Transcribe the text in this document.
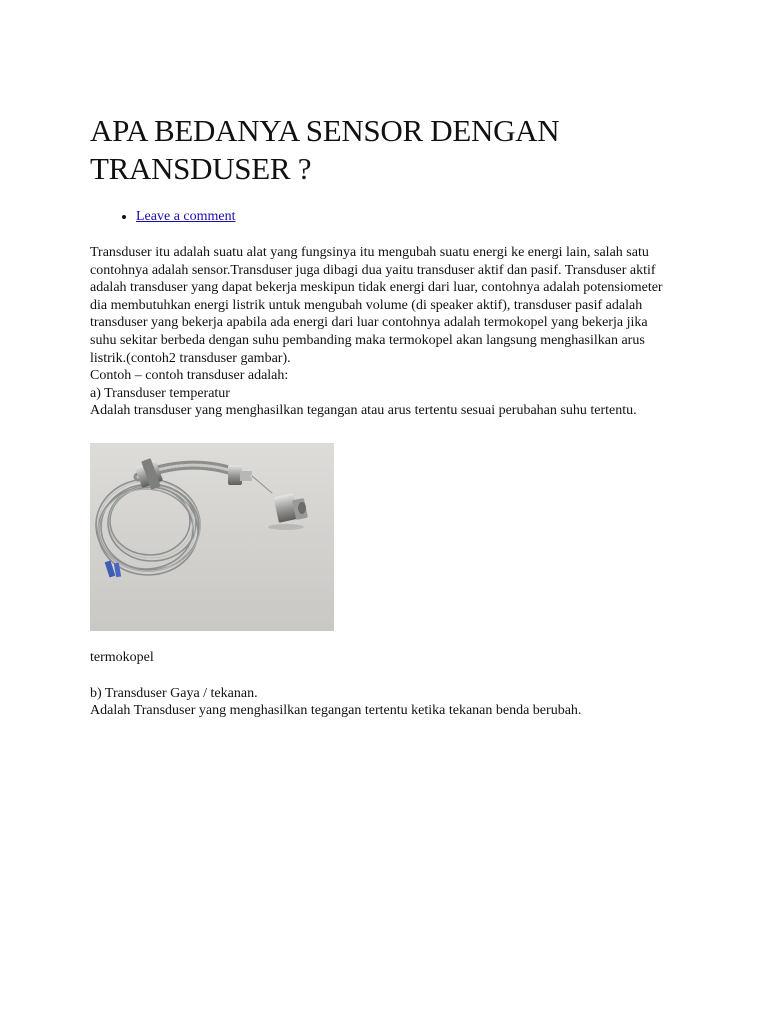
APA BEDANYA SENSOR DENGAN TRANSDUSER ?
• Leave a comment

Transduser itu adalah suatu alat yang fungsinya itu mengubah suatu energi ke energi lain, salah satu contohnya adalah sensor.Transduser juga dibagi dua yaitu transduser aktif dan pasif. Transduser aktif adalah transduser yang dapat bekerja meskipun tidak energi dari luar, contohnya adalah potensiometer dia membutuhkan energi listrik untuk mengubah volume (di speaker aktif), transduser pasif adalah transduser yang bekerja apabila ada energi dari luar contohnya adalah termokopel yang bekerja jika suhu sekitar berbeda dengan suhu pembanding maka termokopel akan langsung menghasilkan arus listrik.(contoh2 transduser gambar).

Contoh – contoh transduser adalah:

a) Transduser temperatur

Adalah transduser yang menghasilkan tegangan atau arus tertentu sesuai perubahan suhu tertentu.

termokopel

b) Transduser Gaya / tekanan.

Adalah Transduser yang menghasilkan tegangan tertentu ketika tekanan benda berubah.
